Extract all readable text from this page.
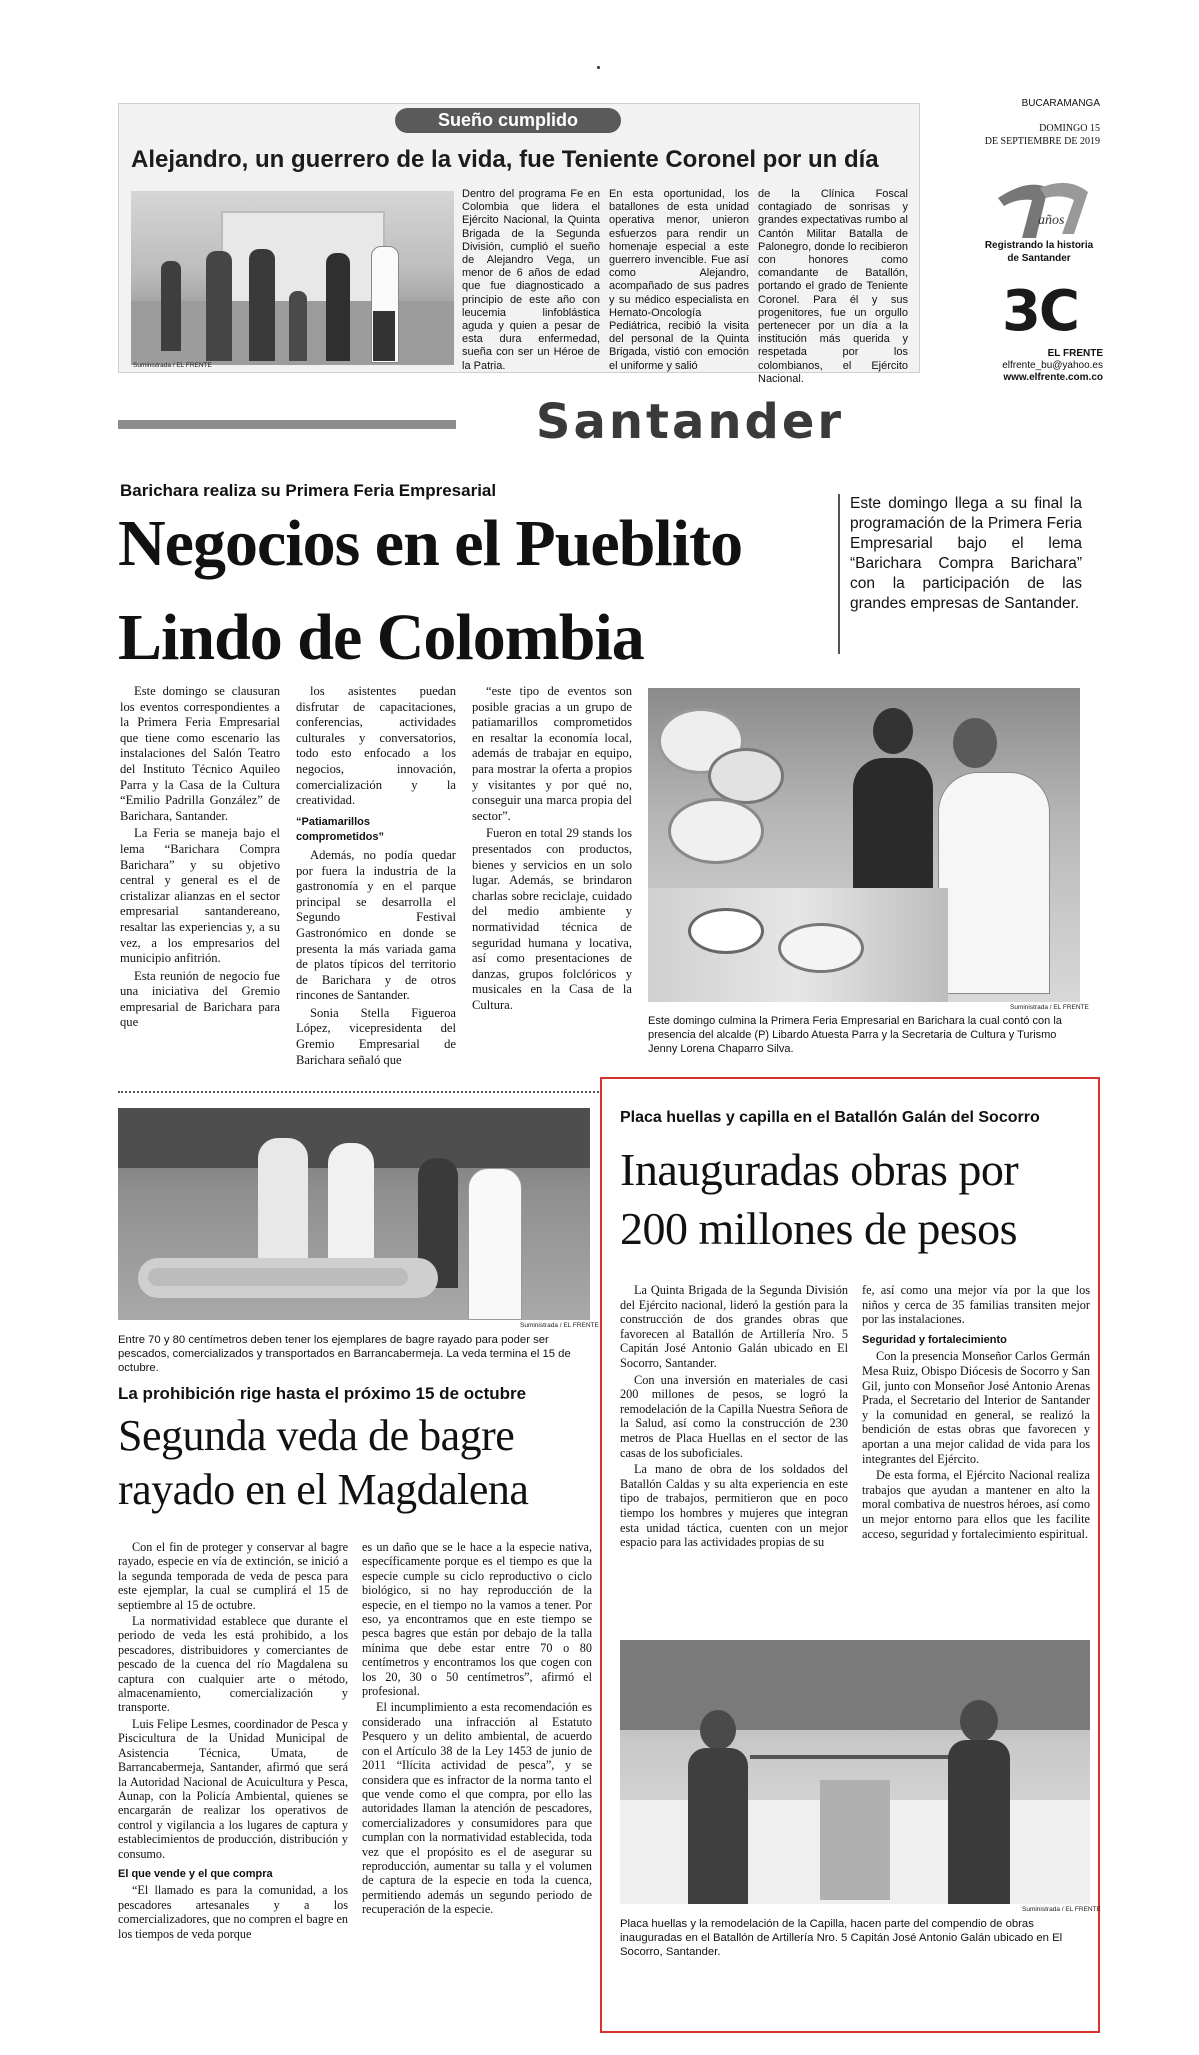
Sueño cumplido
Alejandro, un guerrero de la vida, fue Teniente Coronel por un día
Suministrada / EL FRENTE

Dentro del programa Fe en Colombia que lidera el Ejército Nacional, la Quinta Brigada de la Segunda División, cumplió el sueño de Alejandro Vega, un menor de 6 años de edad que fue diagnosticado a principio de este año con leucemia linfoblástica aguda y quien a pesar de esta dura enfermedad, sueña con ser un Héroe de la Patria.

En esta oportunidad, los batallones de esta unidad operativa menor, unieron esfuerzos para rendir un homenaje especial a este guerrero invencible. Fue así como Alejandro, acompañado de sus padres y su médico especialista en Hemato-Oncología Pediátrica, recibió la visita del personal de la Quinta Brigada, vistió con emoción el uniforme y salió

de la Clínica Foscal contagiado de sonrisas y grandes expectativas rumbo al Cantón Militar Batalla de Palonegro, donde lo recibieron con honores como comandante de Batallón, portando el grado de Teniente Coronel. Para él y sus progenitores, fue un orgullo pertenecer por un día a la institución más querida y respetada por los colombianos, el Ejército Nacional.

BUCARAMANGA
DOMINGO 15
DE SEPTIEMBRE DE 2019
años
Registrando la historia
de Santander
3C
EL FRENTE
elfrente_bu@yahoo.es
www.elfrente.com.co
Santander
Barichara realiza su Primera Feria Empresarial
Negocios en el Pueblito
Lindo de Colombia
Este domingo llega a su final la programación de la Primera Feria Empresarial bajo el lema “Barichara Compra Barichara” con la participación de las grandes empresas de Santander.

Este domingo se clausuran los eventos correspondientes a la Primera Feria Empresarial que tiene como escenario las instalaciones del Salón Teatro del Instituto Técnico Aquileo Parra y la Casa de la Cultura “Emilio Padrilla González” de Barichara, Santander.

La Feria se maneja bajo el lema “Barichara Compra Barichara” y su objetivo central y general es el de cristalizar alianzas en el sector empresarial santandereano, resaltar las experiencias y, a su vez, a los empresarios del municipio anfitrión.

Esta reunión de negocio fue una iniciativa del Gremio empresarial de Barichara para que

los asistentes puedan disfrutar de capacitaciones, conferencias, actividades culturales y conversatorios, todo esto enfocado a los negocios, innovación, comercialización y la creatividad.

“Patiamarillos comprometidos”

Además, no podía quedar por fuera la industria de la gastronomía y en el parque principal se desarrolla el Segundo Festival Gastronómico en donde se presenta la más variada gama de platos típicos del territorio de Barichara y de otros rincones de Santander.

Sonia Stella Figueroa López, vicepresidenta del Gremio Empresarial de Barichara señaló que

“este tipo de eventos son posible gracias a un grupo de patiamarillos comprometidos en resaltar la economía local, además de trabajar en equipo, para mostrar la oferta a propios y visitantes y por qué no, conseguir una marca propia del sector”.

Fueron en total 29 stands los presentados con productos, bienes y servicios en un solo lugar. Además, se brindaron charlas sobre reciclaje, cuidado del medio ambiente y normatividad técnica de seguridad humana y locativa, así como presentaciones de danzas, grupos folclóricos y musicales en la Casa de la Cultura.	Suministrada / EL FRENTE
Este domingo culmina la Primera Feria Empresarial en Barichara la cual contó con la presencia del alcalde (P) Libardo Atuesta Parra y la Secretaria de Cultura y Turismo Jenny Lorena Chaparro Silva.
Suministrada / EL FRENTE
Entre 70 y 80 centímetros deben tener los ejemplares de bagre rayado para poder ser pescados, comercializados y transportados en Barrancabermeja. La veda termina el 15 de octubre.
La prohibición rige hasta el próximo 15 de octubre
Segunda veda de bagre
rayado en el Magdalena

Con el fin de proteger y conservar al bagre rayado, especie en vía de extinción, se inició a la segunda temporada de veda de pesca para este ejemplar, la cual se cumplirá el 15 de septiembre al 15 de octubre.

La normatividad establece que durante el periodo de veda les está prohibido, a los pescadores, distribuidores y comerciantes de pescado de la cuenca del río Magdalena su captura con cualquier arte o método, almacenamiento, comercialización y transporte.

Luis Felipe Lesmes, coordinador de Pesca y Piscicultura de la Unidad Municipal de Asistencia Técnica, Umata, de Barrancabermeja, Santander, afirmó que será la Autoridad Nacional de Acuicultura y Pesca, Aunap, con la Policía Ambiental, quienes se encargarán de realizar los operativos de control y vigilancia a los lugares de captura y establecimientos de producción, distribución y consumo.

El que vende y el que compra

“El llamado es para la comunidad, a los pescadores artesanales y a los comercializadores, que no compren el bagre en los tiempos de veda porque

es un daño que se le hace a la especie nativa, específicamente porque es el tiempo es que la especie cumple su ciclo reproductivo o ciclo biológico, si no hay reproducción de la especie, en el tiempo no la vamos a tener. Por eso, ya encontramos que en este tiempo se pesca bagres que están por debajo de la talla mínima que debe estar entre 70 o 80 centímetros y encontramos los que cogen con los 20, 30 o 50 centímetros”, afirmó el profesional.

El incumplimiento a esta recomendación es considerado una infracción al Estatuto Pesquero y un delito ambiental, de acuerdo con el Artículo 38 de la Ley 1453 de junio de 2011 “Ilícita actividad de pesca”, y se considera que es infractor de la norma tanto el que vende como el que compra, por ello las autoridades llaman la atención de pescadores, comercializadores y consumidores para que cumplan con la normatividad establecida, toda vez que el propósito es el de asegurar su reproducción, aumentar su talla y el volumen de captura de la especie en toda la cuenca, permitiendo además un segundo periodo de recuperación de la especie.

Placa huellas y capilla en el Batallón Galán del Socorro
Inauguradas obras por
200 millones de pesos

La Quinta Brigada de la Segunda División del Ejército nacional, lideró la gestión para la construcción de dos grandes obras que favorecen al Batallón de Artillería Nro. 5 Capitán José Antonio Galán ubicado en El Socorro, Santander.

Con una inversión en materiales de casi 200 millones de pesos, se logró la remodelación de la Capilla Nuestra Señora de la Salud, así como la construcción de 230 metros de Placa Huellas en el sector de las casas de los suboficiales.

La mano de obra de los soldados del Batallón Caldas y su alta experiencia en este tipo de trabajos, permitieron que en poco tiempo los hombres y mujeres que integran esta unidad táctica, cuenten con un mejor espacio para las actividades propias de su

fe, así como una mejor vía por la que los niños y cerca de 35 familias transiten mejor por las instalaciones.

Seguridad y fortalecimiento

Con la presencia Monseñor Carlos Germán Mesa Ruiz, Obispo Diócesis de Socorro y San Gil, junto con Monseñor José Antonio Arenas Prada, el Secretario del Interior de Santander y la comunidad en general, se realizó la bendición de estas obras que favorecen y aportan a una mejor calidad de vida para los integrantes del Ejército.

De esta forma, el Ejército Nacional realiza trabajos que ayudan a mantener en alto la moral combativa de nuestros héroes, así como un mejor entorno para ellos que les facilite acceso, seguridad y fortalecimiento espiritual.

Suministrada / EL FRENTE
Placa huellas y la remodelación de la Capilla, hacen parte del compendio de obras inauguradas en el Batallón de Artillería Nro. 5 Capitán José Antonio Galán ubicado en El Socorro, Santander.
